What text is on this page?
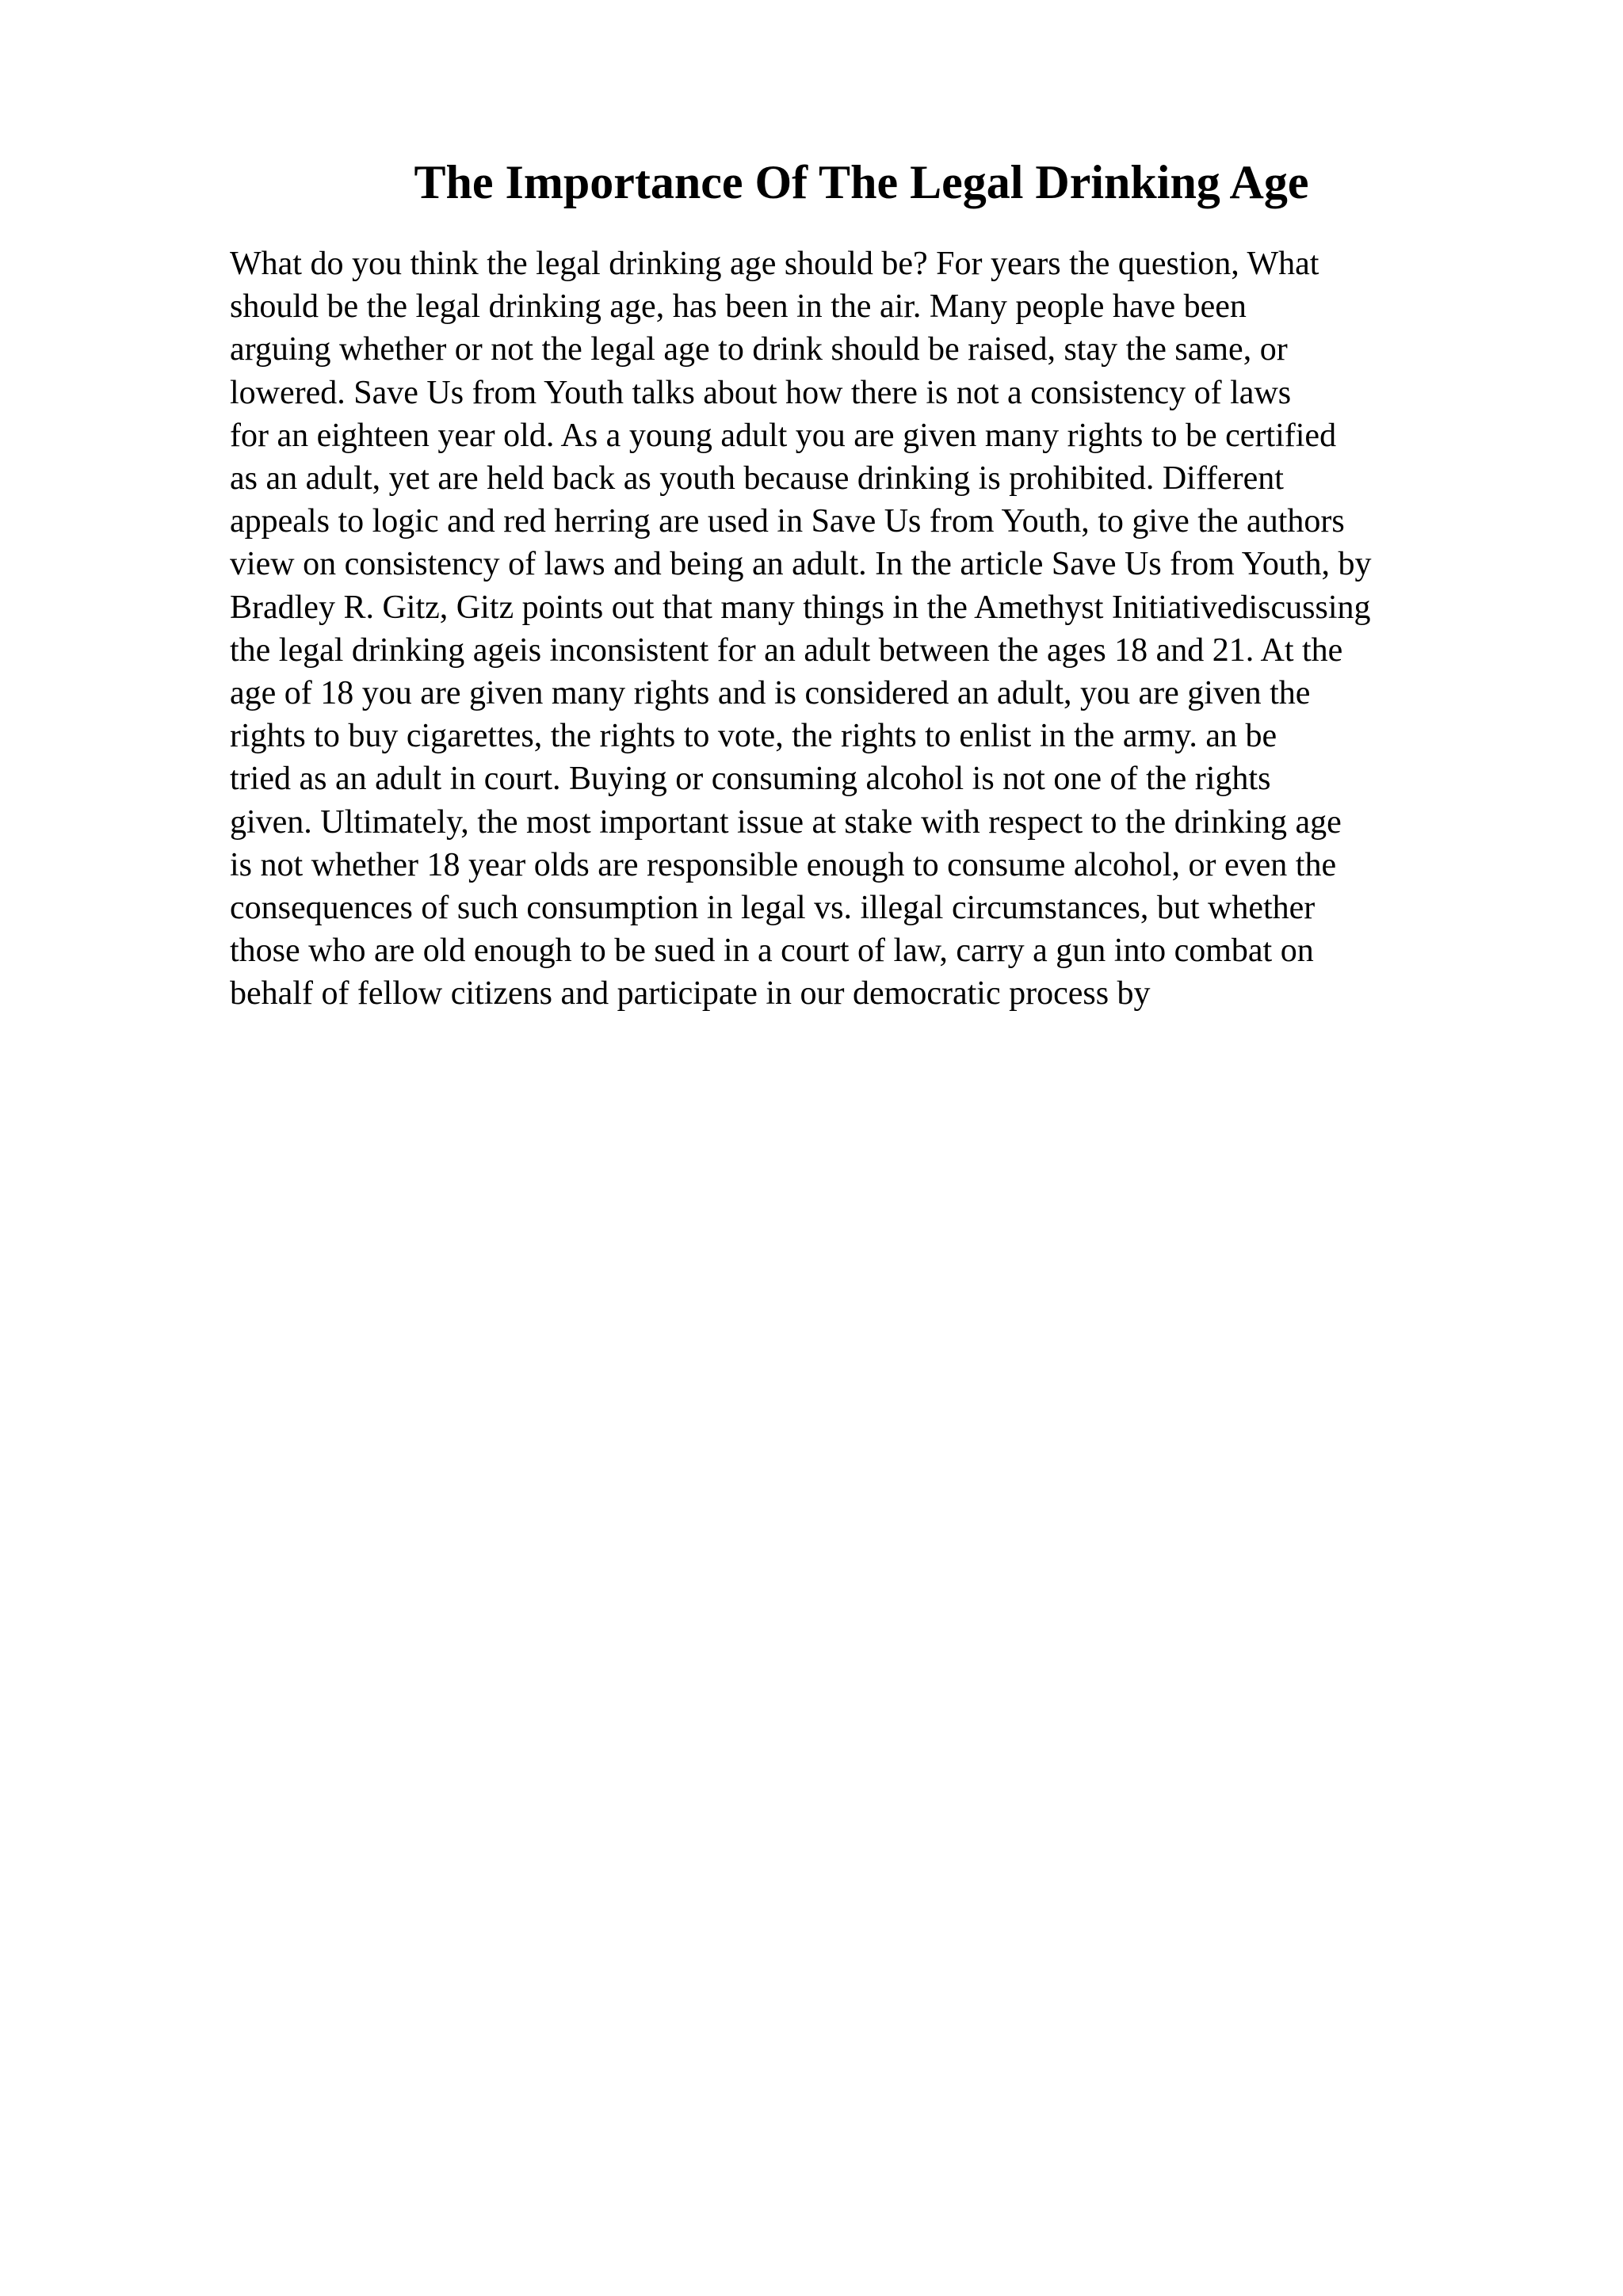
The Importance Of The Legal Drinking Age
What do you think the legal drinking age should be? For years the question, What
should be the legal drinking age, has been in the air. Many people have been
arguing whether or not the legal age to drink should be raised, stay the same, or
lowered. Save Us from Youth talks about how there is not a consistency of laws
for an eighteen year old. As a young adult you are given many rights to be certified
as an adult, yet are held back as youth because drinking is prohibited. Different
appeals to logic and red herring are used in Save Us from Youth, to give the authors
view on consistency of laws and being an adult. In the article Save Us from Youth, by
Bradley R. Gitz, Gitz points out that many things in the Amethyst Initiativediscussing
the legal drinking ageis inconsistent for an adult between the ages 18 and 21. At the
age of 18 you are given many rights and is considered an adult, you are given the
rights to buy cigarettes, the rights to vote, the rights to enlist in the army. an be
tried as an adult in court. Buying or consuming alcohol is not one of the rights
given. Ultimately, the most important issue at stake with respect to the drinking age
is not whether 18 year olds are responsible enough to consume alcohol, or even the
consequences of such consumption in legal vs. illegal circumstances, but whether
those who are old enough to be sued in a court of law, carry a gun into combat on
behalf of fellow citizens and participate in our democratic process by
